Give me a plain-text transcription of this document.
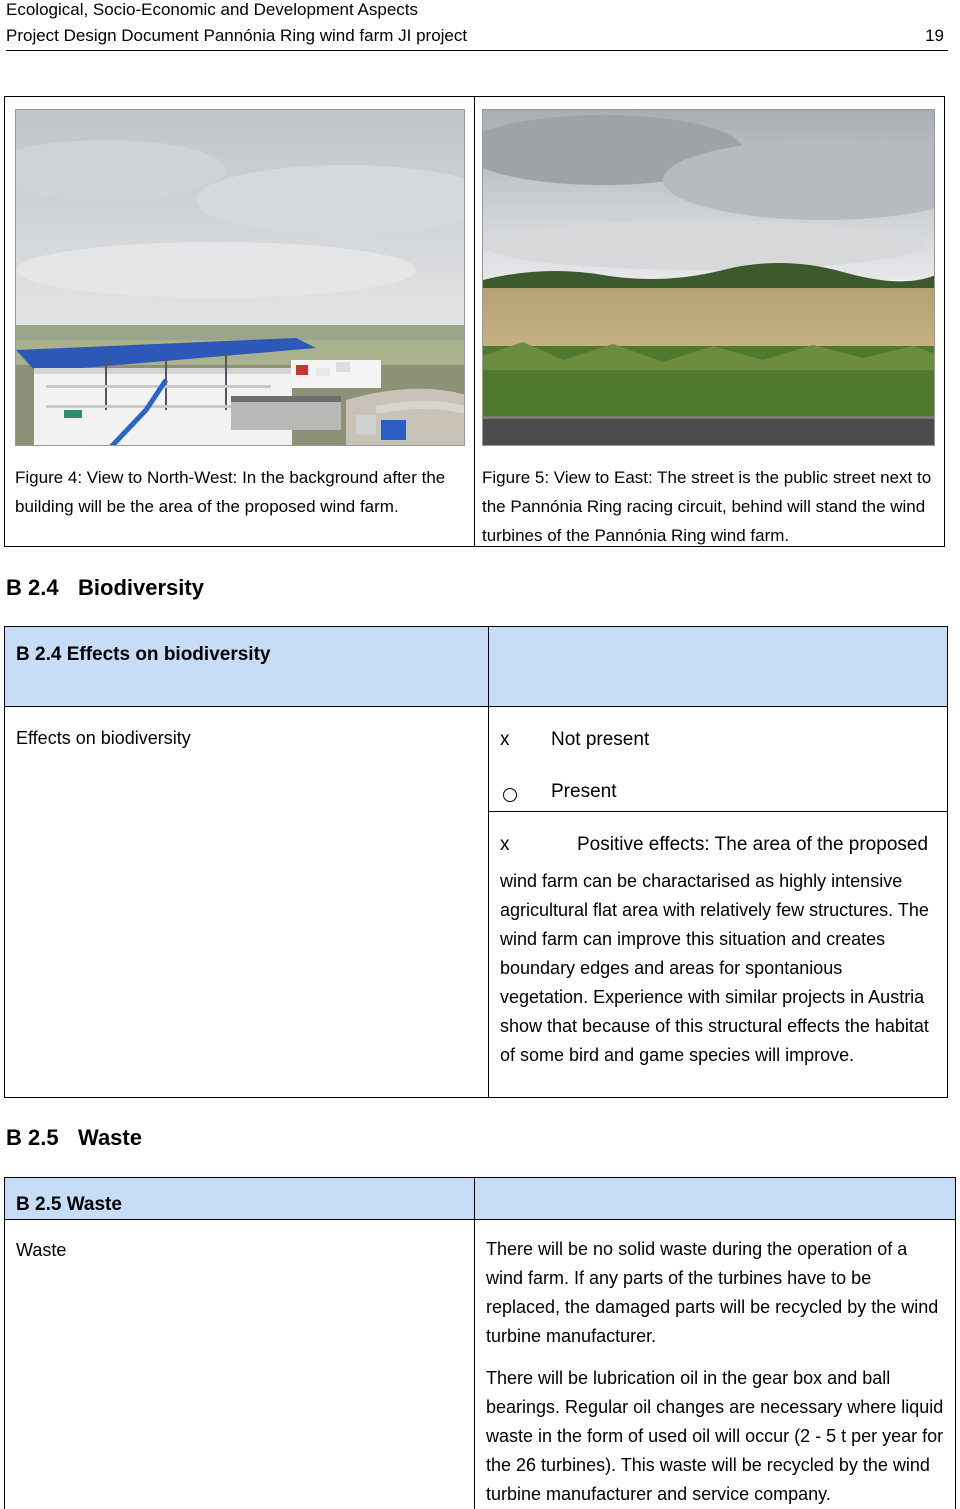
Ecological, Socio-Economic and Development Aspects
Project Design Document Pannónia Ring wind farm JI project	19
Figure 4: View to North-West: In the background after the building will be the area of the proposed wind farm.
Figure 5: View to East: The street is the public street next to the Pannónia Ring racing circuit, behind will stand the wind turbines of the Pannónia Ring wind farm.
B 2.4 Biodiversity
B 2.4 Effects on biodiversity
Effects on biodiversity	x Not present
Present
x	Positive effects: The area of the proposed
wind farm can be charactarised as highly intensive agricultural flat area with relatively few structures. The wind farm can improve this situation and creates boundary edges and areas for spontanious vegetation. Experience with similar projects in Austria show that because of this structural effects the habitat of some bird and game species will improve.
B 2.5 Waste
B 2.5 Waste
Waste	There will be no solid waste during the operation of a wind farm. If any parts of the turbines have to be replaced, the damaged parts will be recycled by the wind turbine manufacturer.
There will be lubrication oil in the gear box and ball bearings. Regular oil changes are necessary where liquid waste in the form of used oil will occur (2 - 5 t per year for the 26 turbines). This waste will be recycled by the wind turbine manufacturer and service company.
